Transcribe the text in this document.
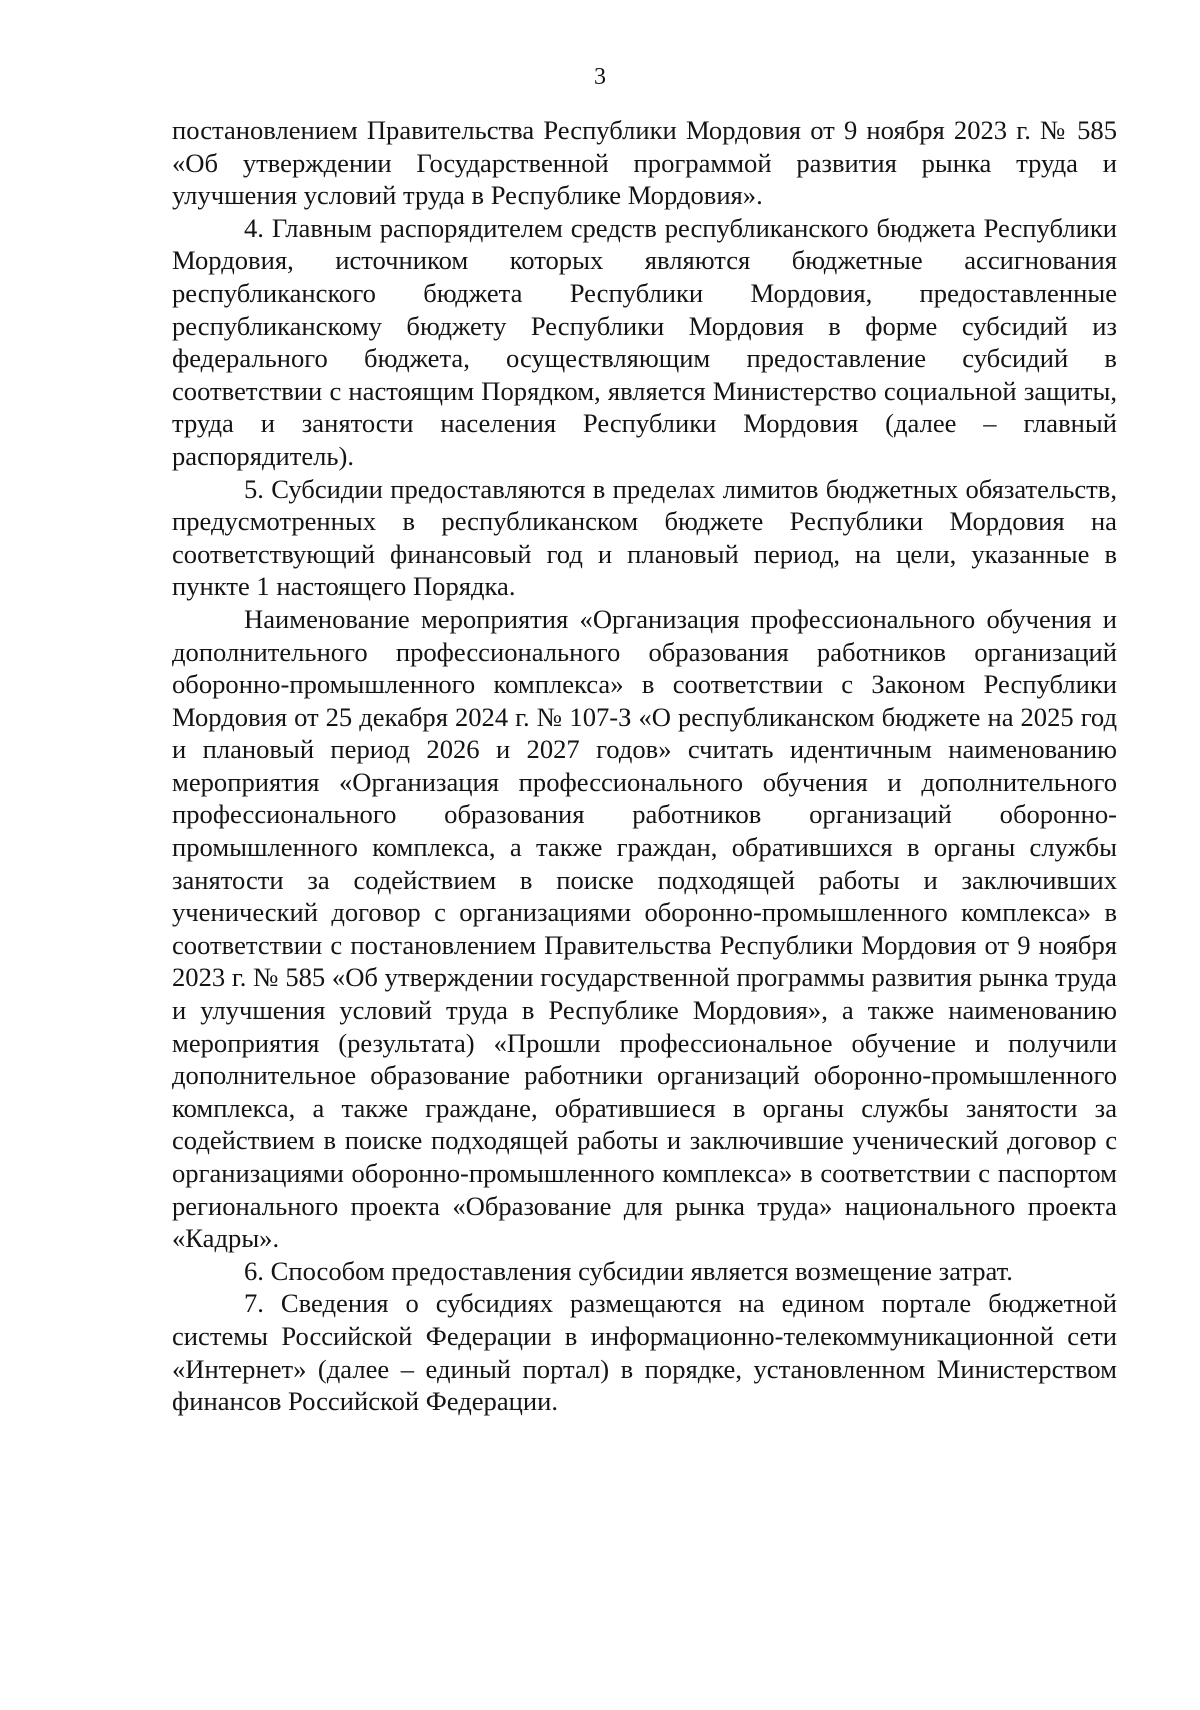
3

постановлением Правительства Республики Мордовия от 9 ноября 2023 г. № 585 «Об утверждении Государственной программой развития рынка труда и улучшения условий труда в Республике Мордовия».

4. Главным распорядителем средств республиканского бюджета Республики Мордовия, источником которых являются бюджетные ассигнования республиканского бюджета Республики Мордовия, предоставленные республиканскому бюджету Республики Мордовия в форме субсидий из федерального бюджета, осуществляющим предоставление субсидий в соответствии с настоящим Порядком, является Министерство социальной защиты, труда и занятости населения Республики Мордовия (далее – главный распорядитель).

5. Субсидии предоставляются в пределах лимитов бюджетных обязательств, предусмотренных в республиканском бюджете Республики Мордовия на соответствующий финансовый год и плановый период, на цели, указанные в пункте 1 настоящего Порядка.

Наименование мероприятия «Организация профессионального обучения и дополнительного профессионального образования работников организаций оборонно-промышленного комплекса» в соответствии с Законом Республики Мордовия от 25 декабря 2024 г. № 107-З «О республиканском бюджете на 2025 год и плановый период 2026 и 2027 годов» считать идентичным наименованию мероприятия «Организация профессионального обучения и дополнительного профессионального образования работников организаций оборонно-промышленного комплекса, а также граждан, обратившихся в органы службы занятости за содействием в поиске подходящей работы и заключивших ученический договор с организациями оборонно-промышленного комплекса» в соответствии с постановлением Правительства Республики Мордовия от 9 ноября 2023 г. № 585 «Об утверждении государственной программы развития рынка труда и улучшения условий труда в Республике Мордовия», а также наименованию мероприятия (результата) «Прошли профессиональное обучение и получили дополнительное образование работники организаций оборонно-промышленного комплекса, а также граждане, обратившиеся в органы службы занятости за содействием в поиске подходящей работы и заключившие ученический договор с организациями оборонно-промышленного комплекса» в соответствии с паспортом регионального проекта «Образование для рынка труда» национального проекта «Кадры».

6. Способом предоставления субсидии является возмещение затрат.

7. Сведения о субсидиях размещаются на едином портале бюджетной системы Российской Федерации в информационно-телекоммуникационной сети «Интернет» (далее – единый портал) в порядке, установленном Министерством финансов Российской Федерации.
